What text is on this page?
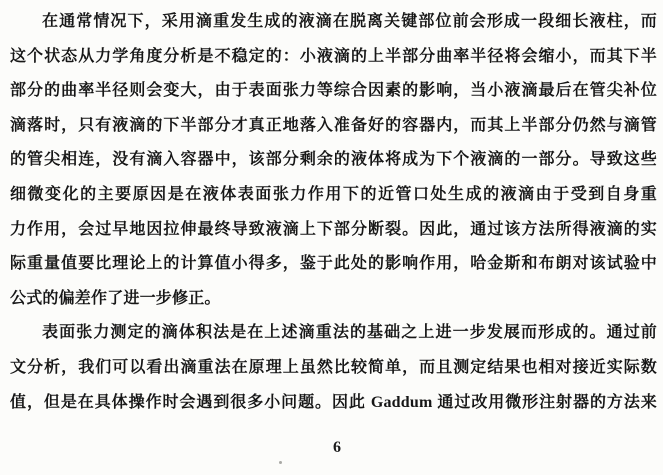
在通常情况下，采用滴重发生成的液滴在脱离关键部位前会形成一段细长液柱，而
这个状态从力学角度分析是不稳定的：小液滴的上半部分曲率半径将会缩小，而其下半
部分的曲率半径则会变大，由于表面张力等综合因素的影响，当小液滴最后在管尖补位
滴落时，只有液滴的下半部分才真正地落入准备好的容器内，而其上半部分仍然与滴管
的管尖相连，没有滴入容器中，该部分剩余的液体将成为下个液滴的一部分。导致这些
细微变化的主要原因是在液体表面张力作用下的近管口处生成的液滴由于受到自身重
力作用，会过早地因拉伸最终导致液滴上下部分断裂。因此，通过该方法所得液滴的实
际重量值要比理论上的计算值小得多，鉴于此处的影响作用，哈金斯和布朗对该试验中
公式的偏差作了进一步修正。
表面张力测定的滴体积法是在上述滴重法的基础之上进一步发展而形成的。通过前
文分析，我们可以看出滴重法在原理上虽然比较简单，而且测定结果也相对接近实际数
值，但是在具体操作时会遇到很多小问题。因此 Gaddum 通过改用微形注射器的方法来
6
